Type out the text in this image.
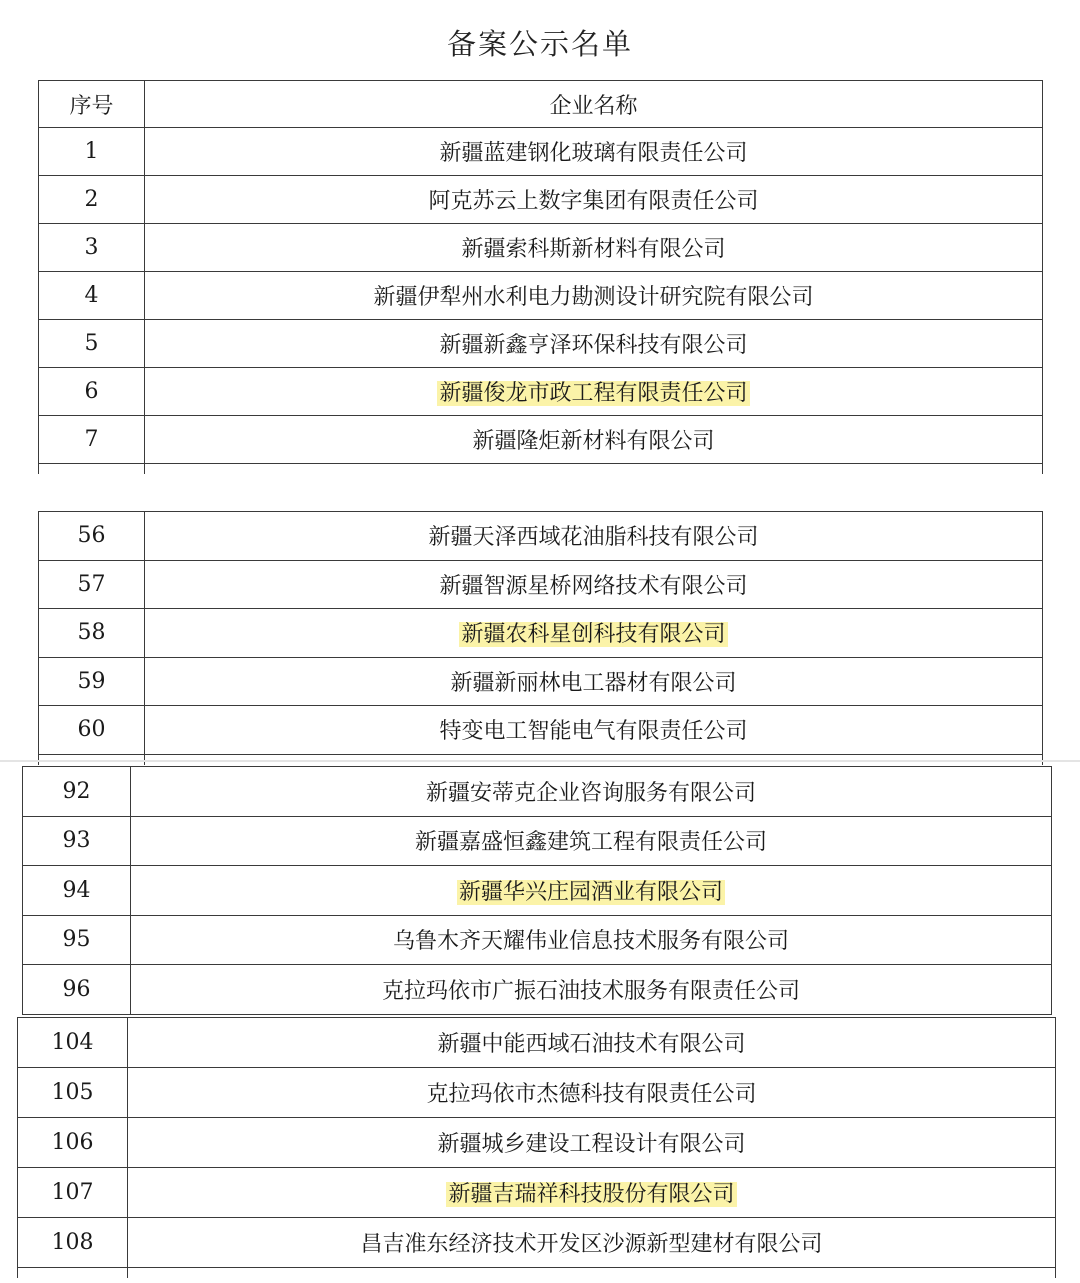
备案公示名单
序号	企业名称
1	新疆蓝建钢化玻璃有限责任公司
2	阿克苏云上数字集团有限责任公司
3	新疆索科斯新材料有限公司
4	新疆伊犁州水利电力勘测设计研究院有限公司
5	新疆新鑫亨泽环保科技有限公司
6	新疆俊龙市政工程有限责任公司
7	新疆隆炬新材料有限公司

56	新疆天泽西域花油脂科技有限公司
57	新疆智源星桥网络技术有限公司
58	新疆农科星创科技有限公司
59	新疆新丽林电工器材有限公司
60	特变电工智能电气有限责任公司

92	新疆安蒂克企业咨询服务有限公司
93	新疆嘉盛恒鑫建筑工程有限责任公司
94	新疆华兴庄园酒业有限公司
95	乌鲁木齐天耀伟业信息技术服务有限公司
96	克拉玛依市广振石油技术服务有限责任公司
104	新疆中能西域石油技术有限公司
105	克拉玛依市杰德科技有限责任公司
106	新疆城乡建设工程设计有限公司
107	新疆吉瑞祥科技股份有限公司
108	昌吉准东经济技术开发区沙源新型建材有限公司
